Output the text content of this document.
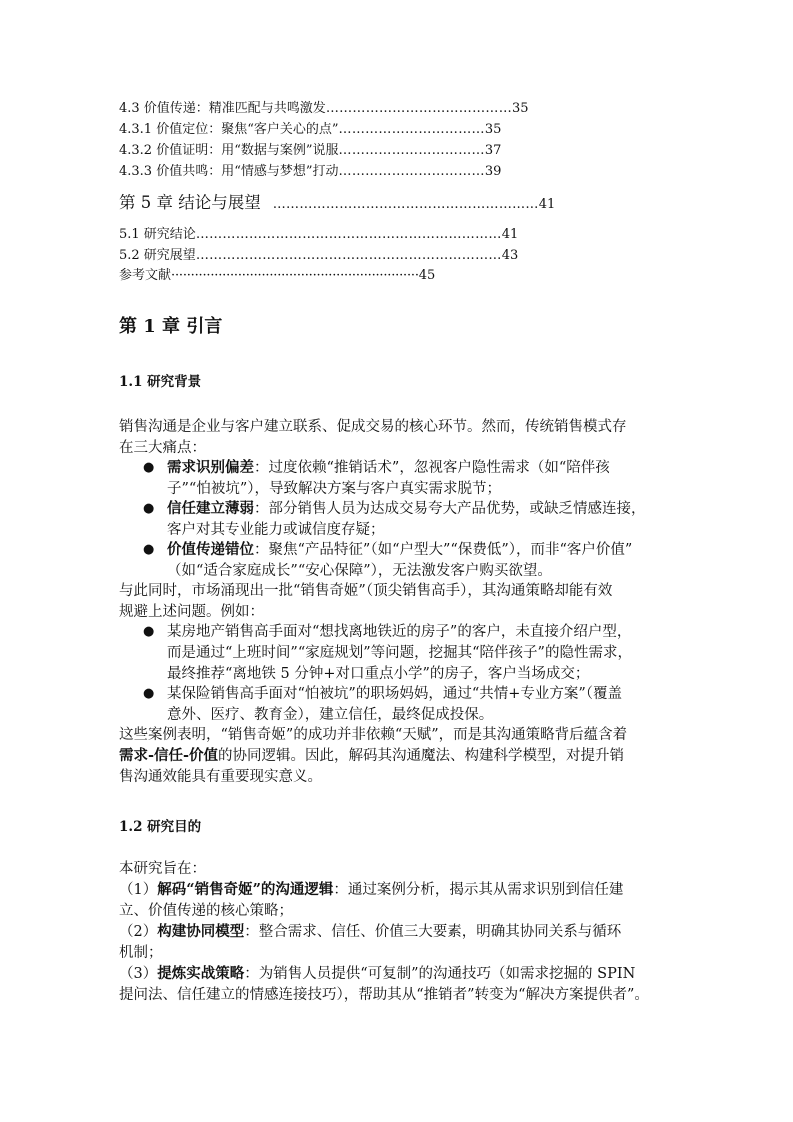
4.3 价值传递：精准匹配与共鸣激发……………………………………35
4.3.1 价值定位：聚焦“客户关心的点”……………………………35
4.3.2 价值证明：用“数据与案例”说服……………………………37
4.3.3 价值共鸣：用“情感与梦想”打动……………………………39
第 5 章 结论与展望 ……………………………………………………41
5.1 研究结论……………………………………………………………41
5.2 研究展望……………………………………………………………43
参考文献·······························································45
第 1 章 引言
1.1 研究背景
销售沟通是企业与客户建立联系、促成交易的核心环节。然而，传统销售模式存
在三大痛点：
● 需求识别偏差：过度依赖“推销话术”，忽视客户隐性需求（如“陪伴孩
子”“怕被坑”），导致解决方案与客户真实需求脱节；
● 信任建立薄弱：部分销售人员为达成交易夸大产品优势，或缺乏情感连接，
客户对其专业能力或诚信度存疑；
● 价值传递错位：聚焦“产品特征”（如“户型大”“保费低”），而非“客户价值”
（如“适合家庭成长”“安心保障”），无法激发客户购买欲望。
与此同时，市场涌现出一批“销售奇姬”（顶尖销售高手），其沟通策略却能有效
规避上述问题。例如：
● 某房地产销售高手面对“想找离地铁近的房子”的客户，未直接介绍户型，
而是通过“上班时间”“家庭规划”等问题，挖掘其“陪伴孩子”的隐性需求，
最终推荐“离地铁 5 分钟+对口重点小学”的房子，客户当场成交；
● 某保险销售高手面对“怕被坑”的职场妈妈，通过“共情+专业方案”（覆盖
意外、医疗、教育金），建立信任，最终促成投保。
这些案例表明，“销售奇姬”的成功并非依赖“天赋”，而是其沟通策略背后蕴含着
需求-信任-价值的协同逻辑。因此，解码其沟通魔法、构建科学模型，对提升销
售沟通效能具有重要现实意义。
1.2 研究目的
本研究旨在：
（1）解码“销售奇姬”的沟通逻辑：通过案例分析，揭示其从需求识别到信任建
立、价值传递的核心策略；
（2）构建协同模型：整合需求、信任、价值三大要素，明确其协同关系与循环
机制；
（3）提炼实战策略：为销售人员提供“可复制”的沟通技巧（如需求挖掘的 SPIN
提问法、信任建立的情感连接技巧），帮助其从“推销者”转变为“解决方案提供者”。
